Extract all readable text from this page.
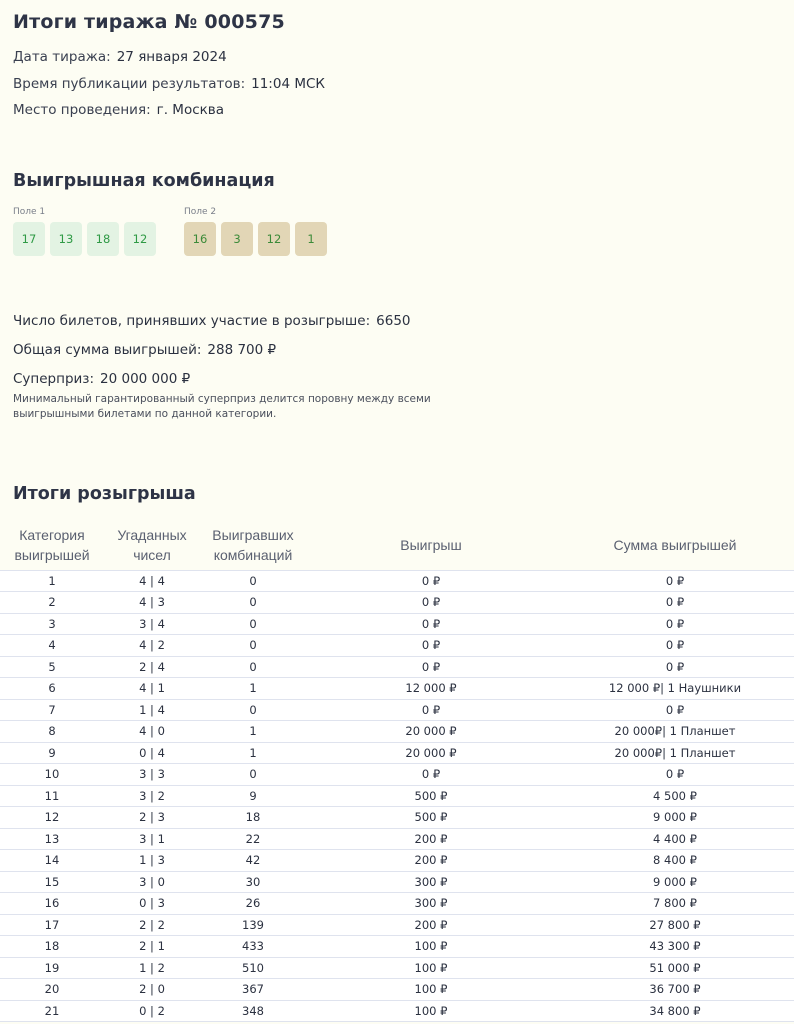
Итоги тиража № 000575
Дата тиража: 27 января 2024
Время публикации результатов: 11:04 МСК
Место проведения: г. Москва
Выигрышная комбинация
Поле 1
17	13	18	12
Поле 2
16	3	12	1
Число билетов, принявших участие в розыгрыше: 6650
Общая сумма выигрышей: 288 700 ₽
Суперприз: 20 000 000 ₽
Минимальный гарантированный суперприз делится поровну между всеми выигрышными билетами по данной категории.
Итоги розыгрыша
Категория выигрышей	Угаданных чисел	Выигравших комбинаций	Выигрыш	Сумма выигрышей
1	4 | 4	0	0 ₽	0 ₽
2	4 | 3	0	0 ₽	0 ₽
3	3 | 4	0	0 ₽	0 ₽
4	4 | 2	0	0 ₽	0 ₽
5	2 | 4	0	0 ₽	0 ₽
6	4 | 1	1	12 000 ₽	12 000 ₽| 1 Наушники
7	1 | 4	0	0 ₽	0 ₽
8	4 | 0	1	20 000 ₽	20 000₽| 1 Планшет
9	0 | 4	1	20 000 ₽	20 000₽| 1 Планшет
10	3 | 3	0	0 ₽	0 ₽
11	3 | 2	9	500 ₽	4 500 ₽
12	2 | 3	18	500 ₽	9 000 ₽
13	3 | 1	22	200 ₽	4 400 ₽
14	1 | 3	42	200 ₽	8 400 ₽
15	3 | 0	30	300 ₽	9 000 ₽
16	0 | 3	26	300 ₽	7 800 ₽
17	2 | 2	139	200 ₽	27 800 ₽
18	2 | 1	433	100 ₽	43 300 ₽
19	1 | 2	510	100 ₽	51 000 ₽
20	2 | 0	367	100 ₽	36 700 ₽
21	0 | 2	348	100 ₽	34 800 ₽
